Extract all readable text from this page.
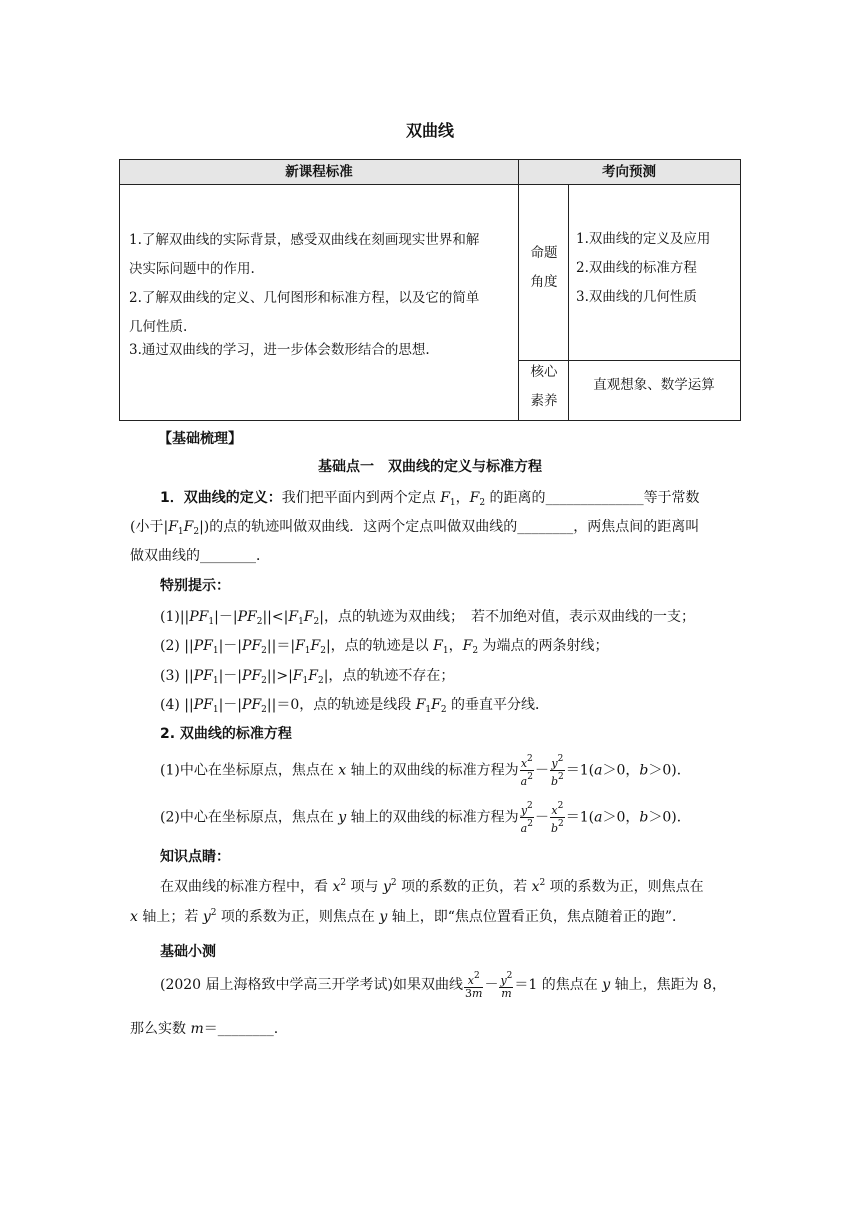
双曲线
新课程标准	考向预测
1.了解双曲线的实际背景，感受双曲线在刻画现实世界和解
决实际问题中的作用.
2.了解双曲线的定义、几何图形和标准方程，以及它的简单
几何性质.
3.通过双曲线的学习，进一步体会数形结合的思想.
命题
角度
1.双曲线的定义及应用
2.双曲线的标准方程
3.双曲线的几何性质
核心
素养
直观想象、数学运算
【基础梳理】
基础点一　双曲线的定义与标准方程
1．双曲线的定义：我们把平面内到两个定点 $F_1$，$F_2$ 的距离的______________等于常数
(小于$|F_1F_2|$)的点的轨迹叫做双曲线．这两个定点叫做双曲线的________，两焦点间的距离叫
做双曲线的________．
特别提示：
$(1)||PF_1|-|PF_2||<|F_1F_2|$，点的轨迹为双曲线；　若不加绝对值，表示双曲线的一支；
(2) $||PF_1|-|PF_2||=|F_1F_2|$，点的轨迹是以 $F_1$，$F_2$ 为端点的两条射线；
(3) $||PF_1|-|PF_2||>|F_1F_2|$，点的轨迹不存在；
(4) $||PF_1|-|PF_2||=0$，点的轨迹是线段 $F_1F_2$ 的垂直平分线．
2. 双曲线的标准方程
(1)中心在坐标原点，焦点在 x 轴上的双曲线的标准方程为 $\frac{x^2}{a^2} - \frac{y^2}{b^2} =1(a>0$，b＞0)．
(2)中心在坐标原点，焦点在 y 轴上的双曲线的标准方程为 $\frac{y^2}{a^2} - \frac{x^2}{b^2} =1(a>0$，b＞0)．
知识点睛：
在双曲线的标准方程中，看 $x^2$ 项与 $y^2$ 项的系数的正负，若 $x^2$ 项的系数为正，则焦点在
x 轴上；若 $y^2$ 项的系数为正，则焦点在 y 轴上，即“焦点位置看正负，焦点随着正的跑”．
基础小测
(2020 届上海格致中学高三开学考试)如果双曲线 $\frac{x^2}{3m} - \frac{y^2}{m} =1$ 的焦点在 y 轴上，焦距为 8，
那么实数 m＝________.
